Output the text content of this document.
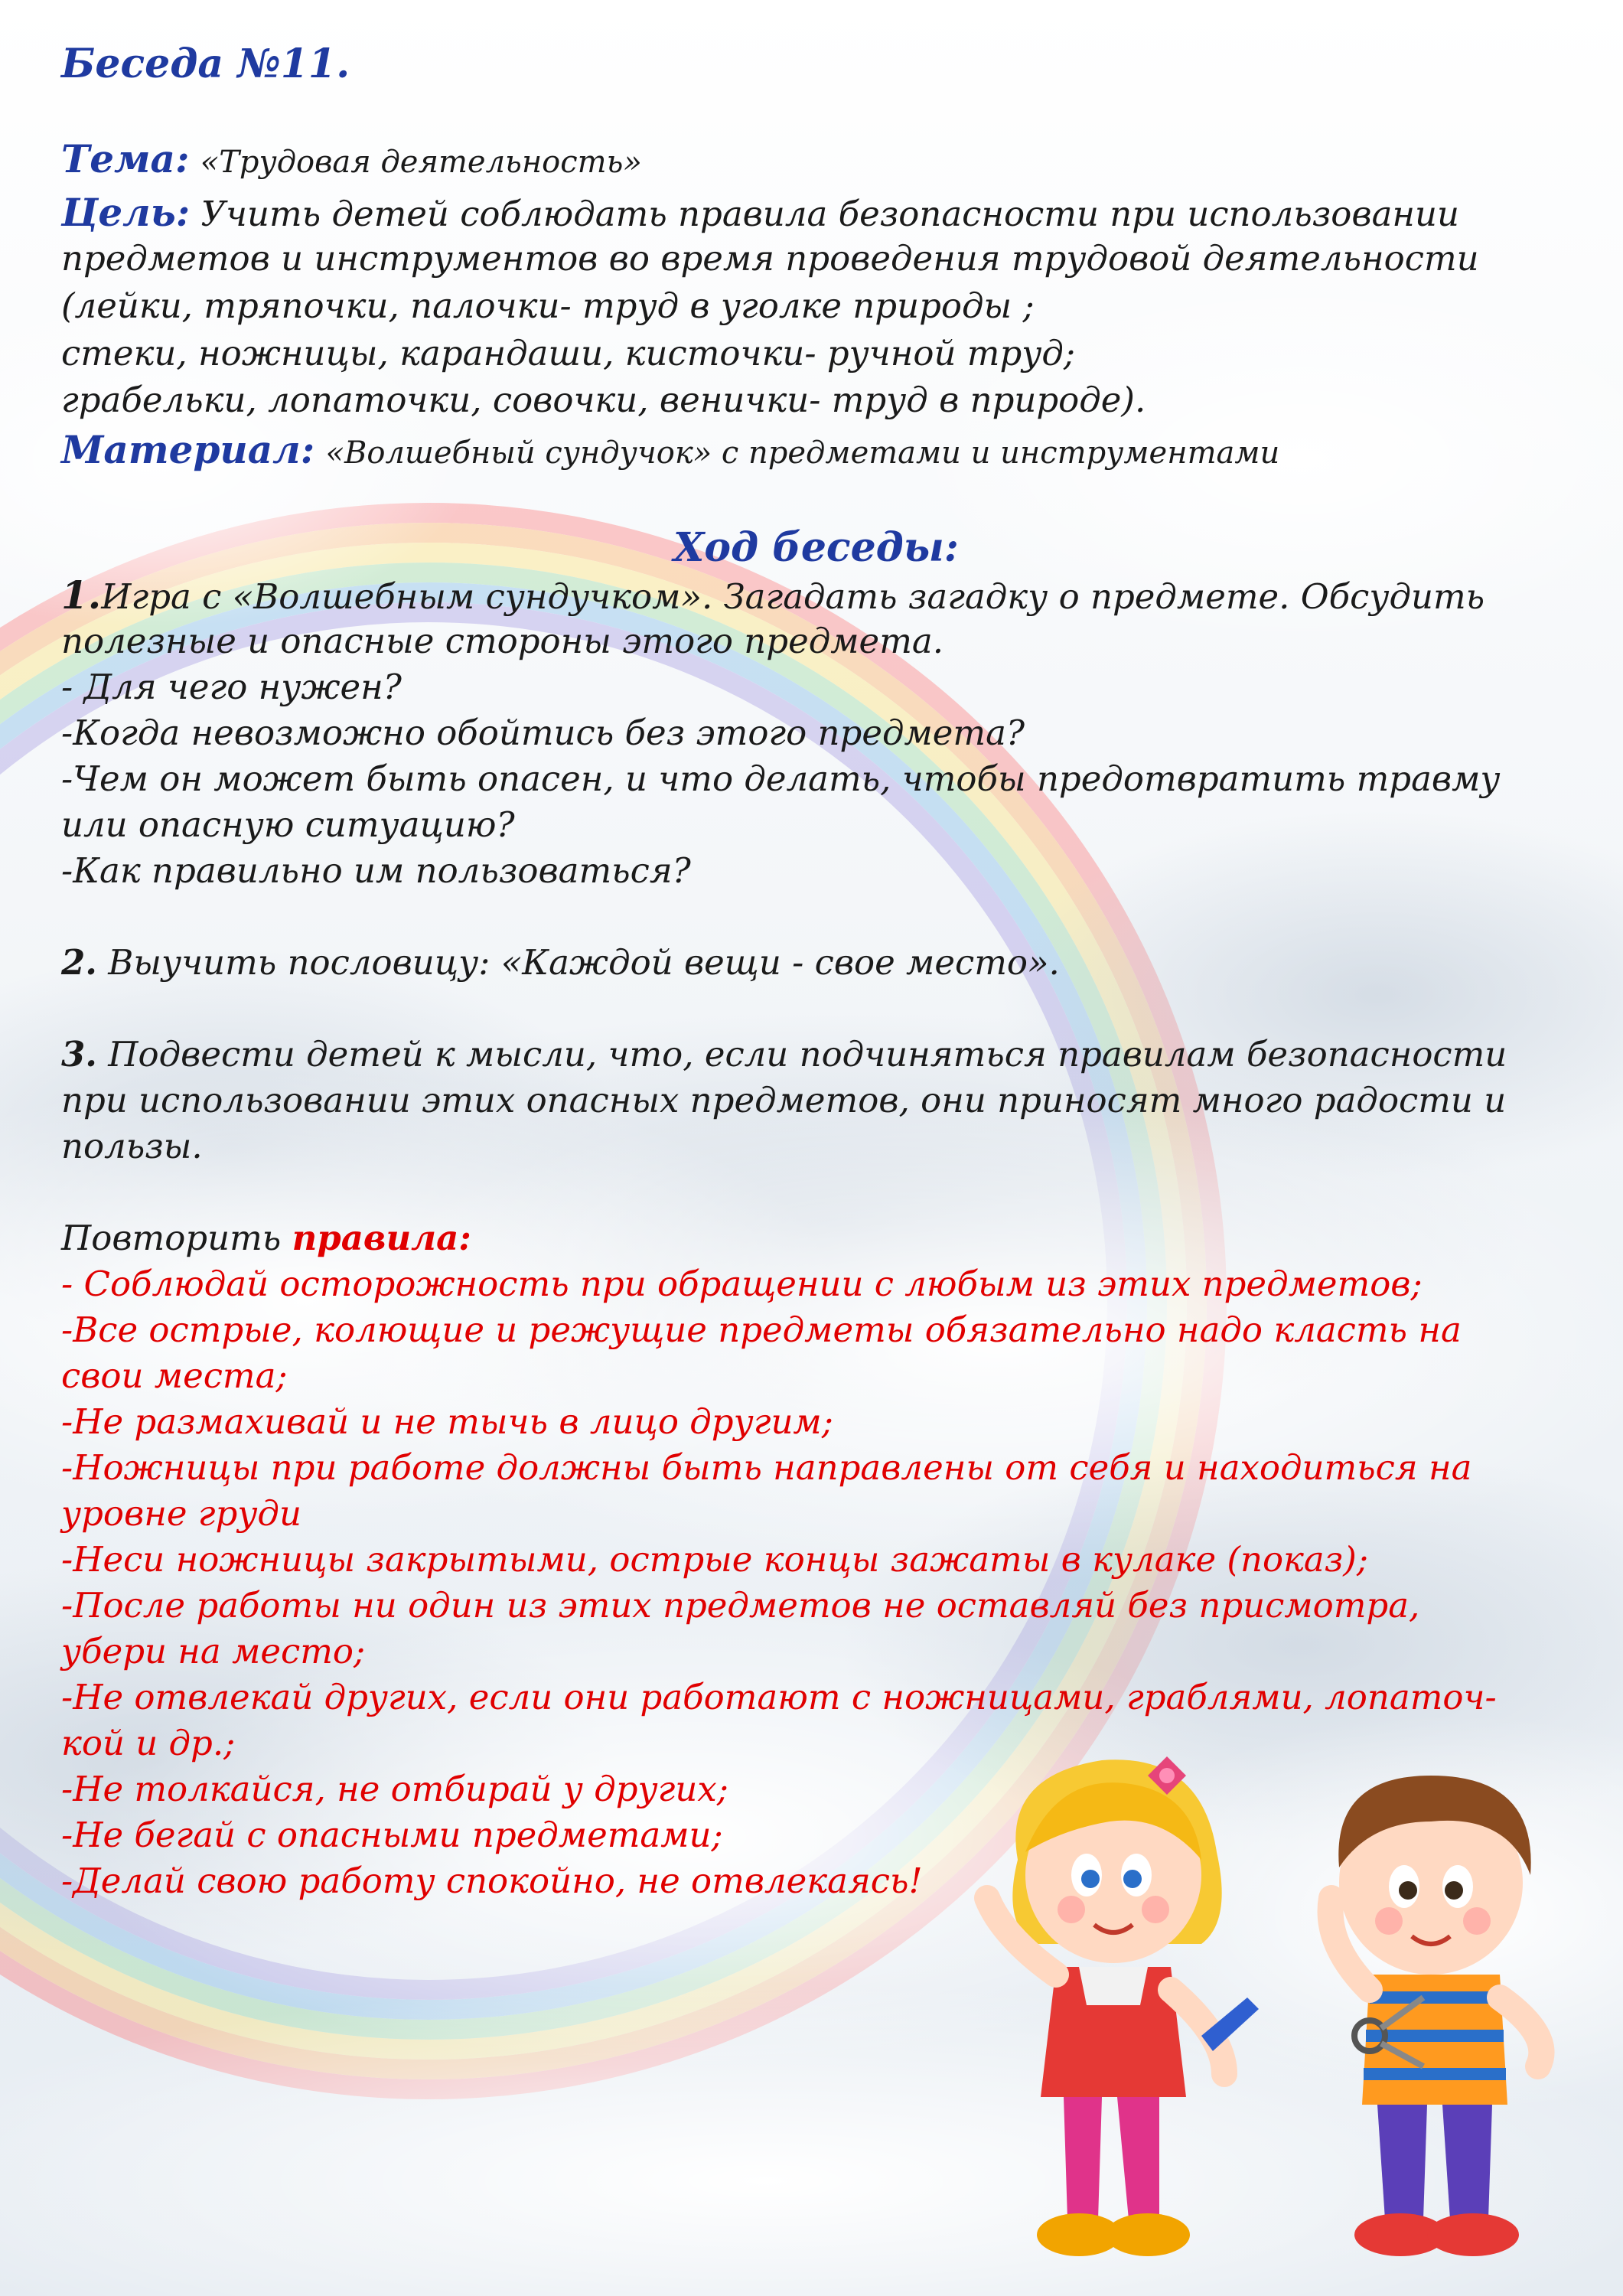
Беседа №11.
Тема: «Трудовая деятельность»
Цель: Учить детей соблюдать правила безопасности при использовании
предметов и инструментов во время проведения трудовой деятельности
(лейки, тряпочки, палочки- труд в уголке природы ;
стеки, ножницы, карандаши, кисточки- ручной труд;
грабельки, лопаточки, совочки, венички- труд в природе).
Материал: «Волшебный сундучок» с предметами и инструментами
Ход беседы:
1.Игра с «Волшебным сундучком». Загадать загадку о предмете. Обсудить
полезные и опасные стороны этого предмета.
- Для чего нужен?
-Когда невозможно обойтись без этого предмета?
-Чем он может быть опасен, и что делать, чтобы предотвратить травму
или опасную ситуацию?
-Как правильно им пользоваться?
2. Выучить пословицу: «Каждой вещи - свое место».
3. Подвести детей к мысли, что, если подчиняться правилам безопасности
при использовании этих опасных предметов, они приносят много радости и
пользы.
Повторить правила:
- Соблюдай осторожность при обращении с любым из этих предметов;
-Все острые, колющие и режущие предметы обязательно надо класть на
свои места;
-Не размахивай и не тычь в лицо другим;
-Ножницы при работе должны быть направлены от себя и находиться на
уровне груди
-Неси ножницы закрытыми, острые концы зажаты в кулаке (показ);
-После работы ни один из этих предметов не оставляй без присмотра,
убери на место;
-Не отвлекай других, если они работают с ножницами, граблями, лопаточ-
кой и др.;
-Не толкайся, не отбирай у других;
-Не бегай с опасными предметами;
-Делай свою работу спокойно, не отвлекаясь!
